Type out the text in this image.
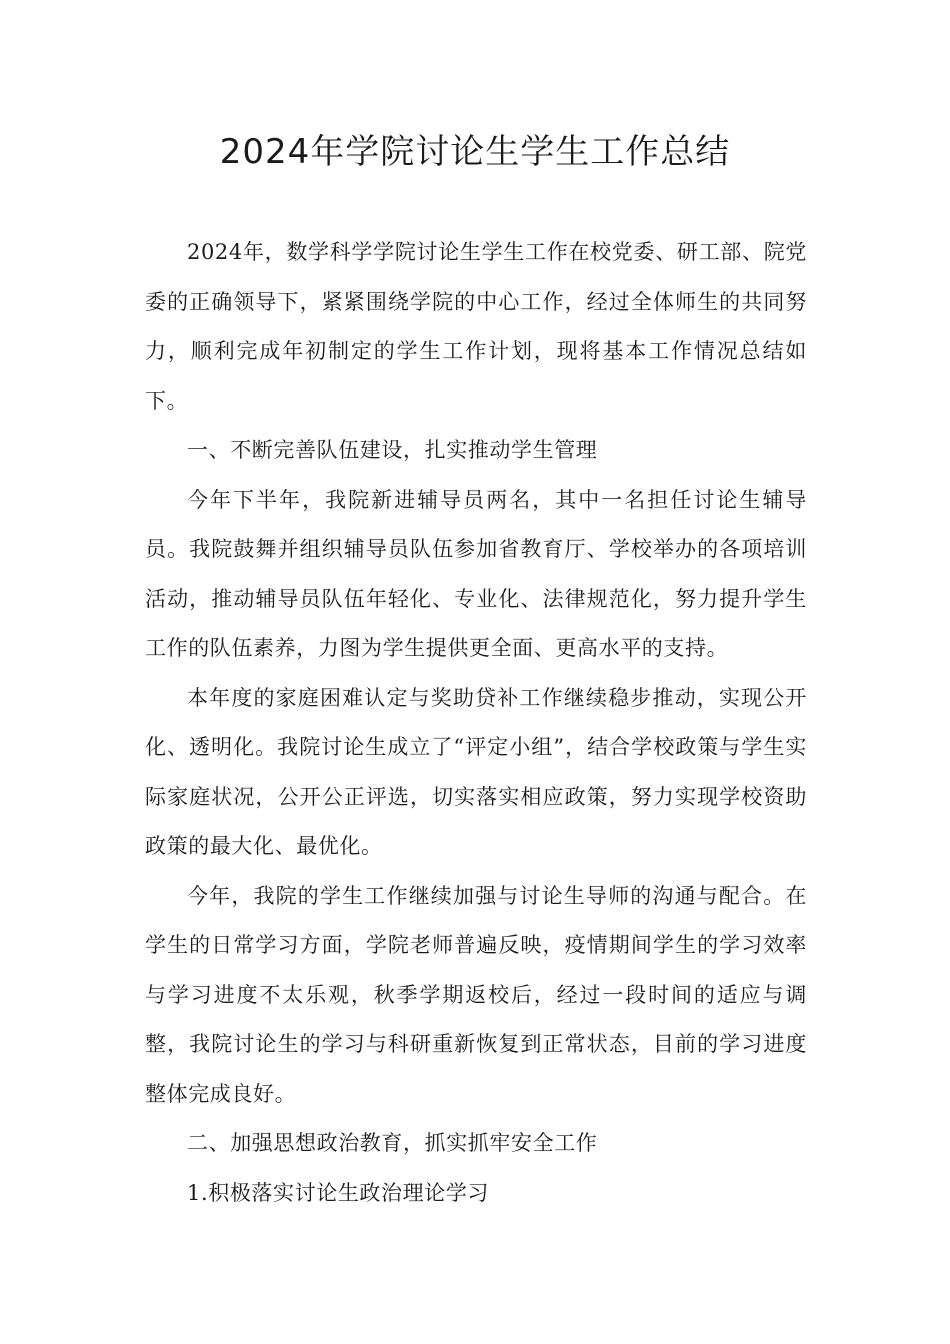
2024年学院讨论生学生工作总结

2024年，数学科学学院讨论生学生工作在校党委、研工部、院党委的正确领导下，紧紧围绕学院的中心工作，经过全体师生的共同努力，顺利完成年初制定的学生工作计划，现将基本工作情况总结如下。

一、不断完善队伍建设，扎实推动学生管理

今年下半年，我院新进辅导员两名，其中一名担任讨论生辅导员。我院鼓舞并组织辅导员队伍参加省教育厅、学校举办的各项培训活动，推动辅导员队伍年轻化、专业化、法律规范化，努力提升学生工作的队伍素养，力图为学生提供更全面、更高水平的支持。

本年度的家庭困难认定与奖助贷补工作继续稳步推动，实现公开化、透明化。我院讨论生成立了“评定小组”，结合学校政策与学生实际家庭状况，公开公正评选，切实落实相应政策，努力实现学校资助政策的最大化、最优化。

今年，我院的学生工作继续加强与讨论生导师的沟通与配合。在学生的日常学习方面，学院老师普遍反映，疫情期间学生的学习效率与学习进度不太乐观，秋季学期返校后，经过一段时间的适应与调整，我院讨论生的学习与科研重新恢复到正常状态，目前的学习进度整体完成良好。

二、加强思想政治教育，抓实抓牢安全工作

1.积极落实讨论生政治理论学习
